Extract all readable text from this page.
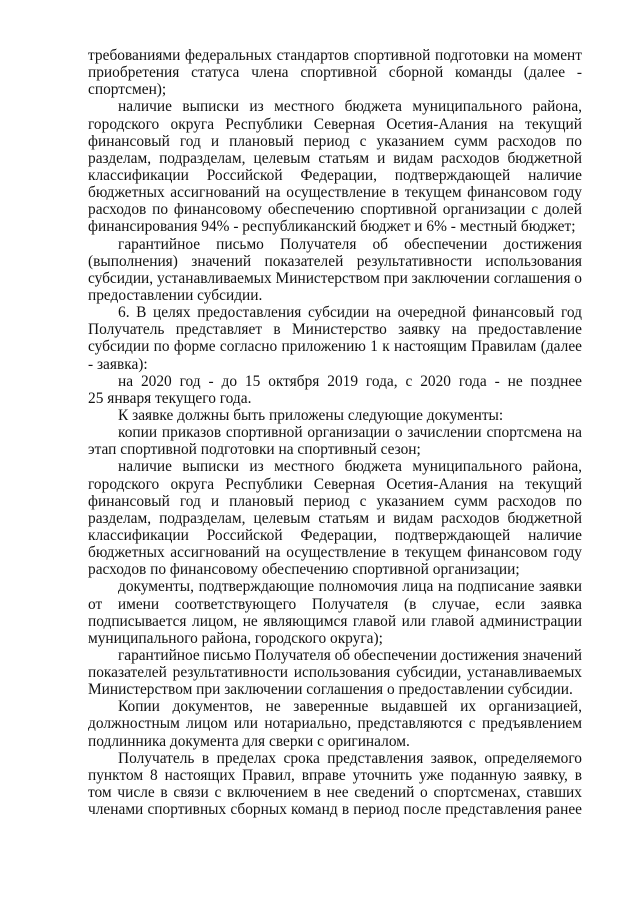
требованиями федеральных стандартов спортивной подготовки на момент
приобретения статуса члена спортивной сборной команды (далее -
спортсмен);
наличие выписки из местного бюджета муниципального района,
городского округа Республики Северная Осетия-Алания на текущий
финансовый год и плановый период с указанием сумм расходов по
разделам, подразделам, целевым статьям и видам расходов бюджетной
классификации Российской Федерации, подтверждающей наличие
бюджетных ассигнований на осуществление в текущем финансовом году
расходов по финансовому обеспечению спортивной организации с долей
финансирования 94% - республиканский бюджет и 6% - местный бюджет;
гарантийное письмо Получателя об обеспечении достижения
(выполнения) значений показателей результативности использования
субсидии, устанавливаемых Министерством при заключении соглашения о
предоставлении субсидии.
6. В целях предоставления субсидии на очередной финансовый год
Получатель представляет в Министерство заявку на предоставление
субсидии по форме согласно приложению 1 к настоящим Правилам (далее
- заявка):
на 2020 год - до 15 октября 2019 года, с 2020 года - не позднее
25 января текущего года.
К заявке должны быть приложены следующие документы:
копии приказов спортивной организации о зачислении спортсмена на
этап спортивной подготовки на спортивный сезон;
наличие выписки из местного бюджета муниципального района,
городского округа Республики Северная Осетия-Алания на текущий
финансовый год и плановый период с указанием сумм расходов по
разделам, подразделам, целевым статьям и видам расходов бюджетной
классификации Российской Федерации, подтверждающей наличие
бюджетных ассигнований на осуществление в текущем финансовом году
расходов по финансовому обеспечению спортивной организации;
документы, подтверждающие полномочия лица на подписание заявки
от имени соответствующего Получателя (в случае, если заявка
подписывается лицом, не являющимся главой или главой администрации
муниципального района, городского округа);
гарантийное письмо Получателя об обеспечении достижения значений
показателей результативности использования субсидии, устанавливаемых
Министерством при заключении соглашения о предоставлении субсидии.
Копии документов, не заверенные выдавшей их организацией,
должностным лицом или нотариально, представляются с предъявлением
подлинника документа для сверки с оригиналом.
Получатель в пределах срока представления заявок, определяемого
пунктом 8 настоящих Правил, вправе уточнить уже поданную заявку, в
том числе в связи с включением в нее сведений о спортсменах, ставших
членами спортивных сборных команд в период после представления ранее
